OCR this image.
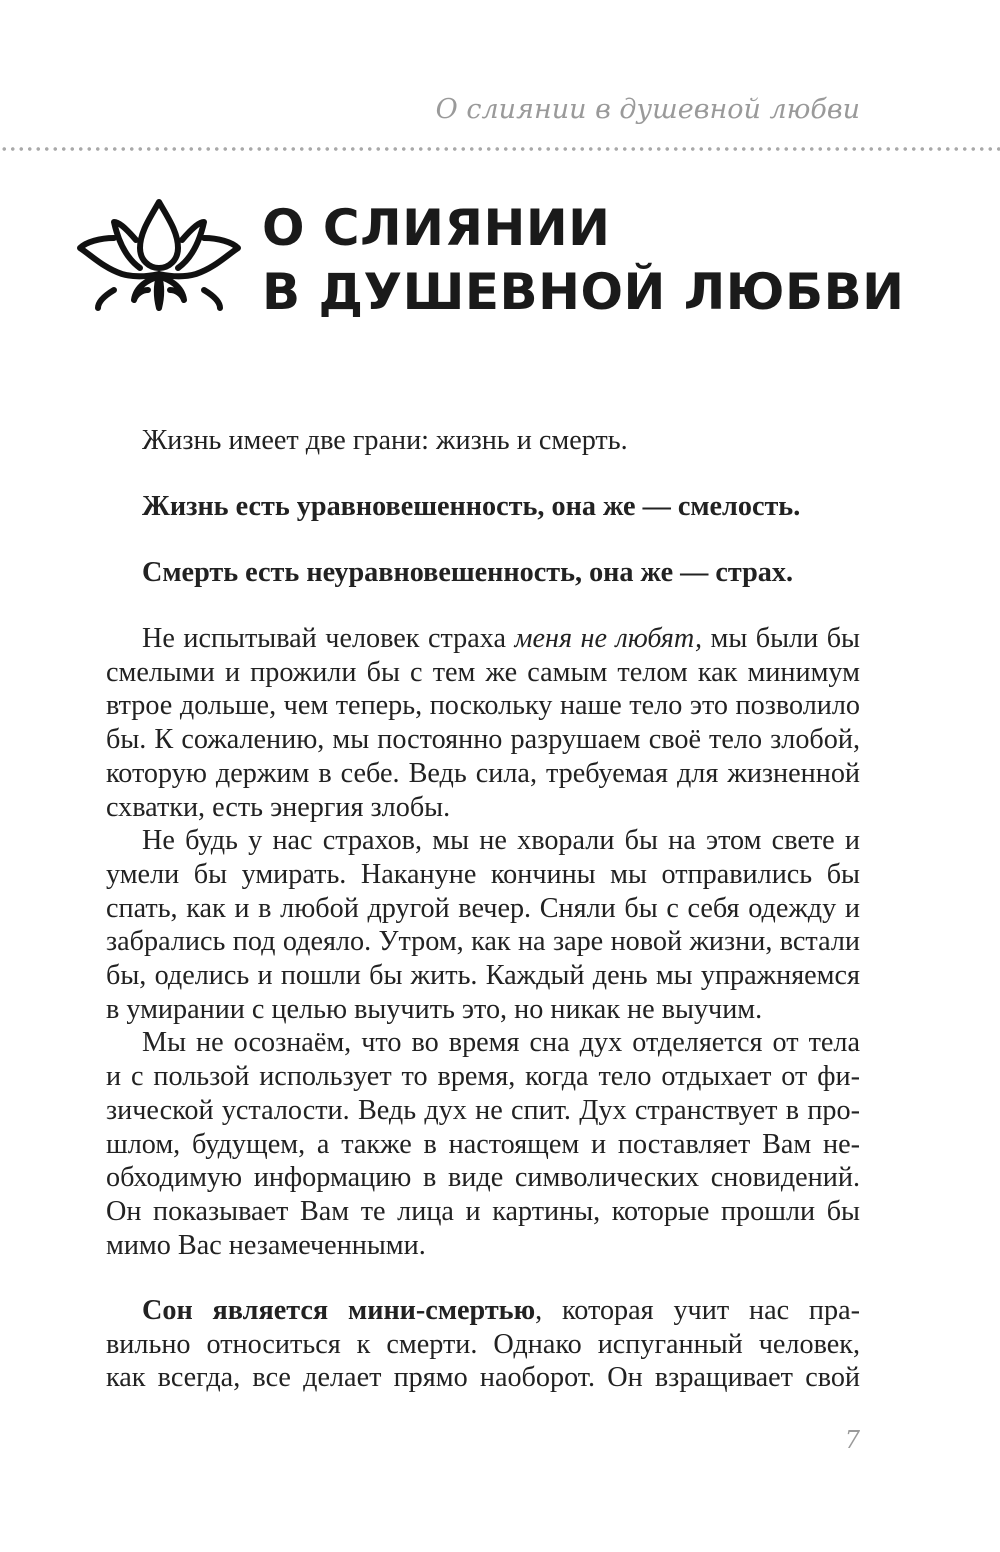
О слиянии в душевной любви
О СЛИЯНИИ
В ДУШЕВНОЙ ЛЮБВИ
Жизнь имеет две грани: жизнь и смерть.
Жизнь есть уравновешенность, она же — смелость.
Смерть есть неуравновешенность, она же — страх.
Не испытывай человек страха меня не любят, мы были бы
смелыми и прожили бы с тем же самым телом как минимум
втрое дольше, чем теперь, поскольку наше тело это позволило
бы. К сожалению, мы постоянно разрушаем своё тело злобой,
которую держим в себе. Ведь сила, требуемая для жизненной
схватки, есть энергия злобы.
Не будь у нас страхов, мы не хворали бы на этом свете и
умели бы умирать. Накануне кончины мы отправились бы
спать, как и в любой другой вечер. Сняли бы с себя одежду и
забрались под одеяло. Утром, как на заре новой жизни, встали
бы, оделись и пошли бы жить. Каждый день мы упражняемся
в умирании с целью выучить это, но никак не выучим.
Мы не осознаём, что во время сна дух отделяется от тела
и с пользой использует то время, когда тело отдыхает от фи-
зической усталости. Ведь дух не спит. Дух странствует в про-
шлом, будущем, а также в настоящем и поставляет Вам не-
обходимую информацию в виде символических сновидений.
Он показывает Вам те лица и картины, которые прошли бы
мимо Вас незамеченными.
Сон является мини-смертью, которая учит нас пра-
вильно относиться к смерти. Однако испуганный человек,
как всегда, все делает прямо наоборот. Он взращивает свой
7
